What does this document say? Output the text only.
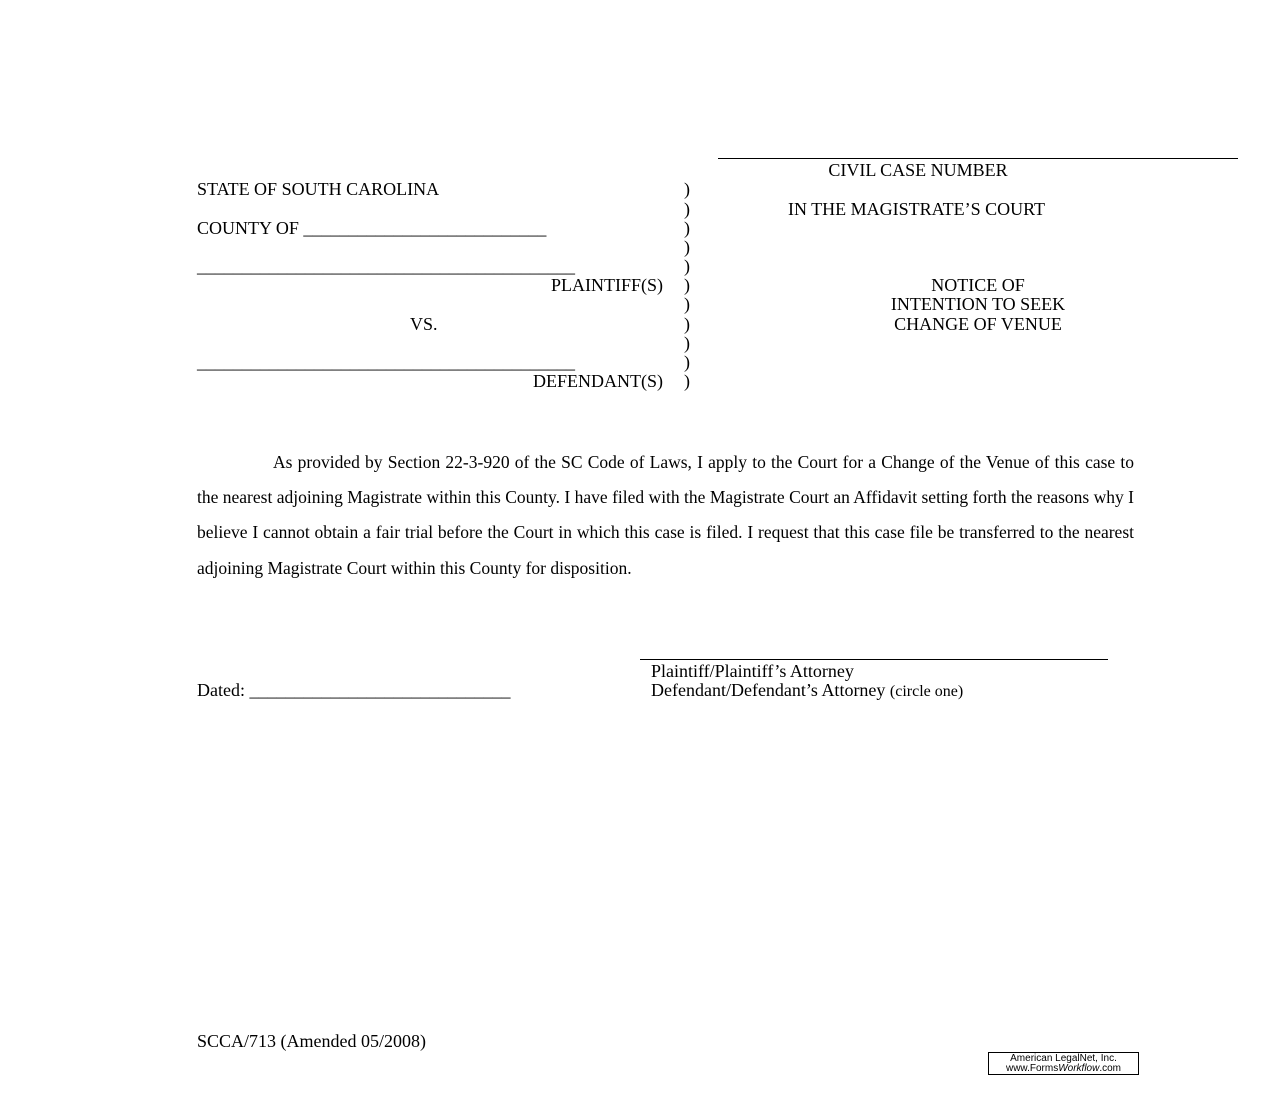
CIVIL CASE NUMBER
IN THE MAGISTRATE’S COURT
NOTICE OF
INTENTION TO SEEK
CHANGE OF VENUE
STATE OF SOUTH CAROLINA
COUNTY OF ___________________________
__________________________________________
PLAINTIFF(S)
VS.
__________________________________________
DEFENDANT(S)
)
)
)
)
)
)
)
)
)
)
)
As provided by Section 22-3-920 of the SC Code of Laws, I apply to the Court for a Change of the Venue of this case to the nearest adjoining Magistrate within this County. I have filed with the Magistrate Court an Affidavit setting forth the reasons why I believe I cannot obtain a fair trial before the Court in which this case is filed. I request that this case file be transferred to the nearest adjoining Magistrate Court within this County for disposition.
Plaintiff/Plaintiff’s Attorney
Defendant/Defendant’s Attorney (circle one)
Dated: _____________________________
SCCA/713 (Amended 05/2008)
American LegalNet, Inc.
www.FormsWorkflow.com
